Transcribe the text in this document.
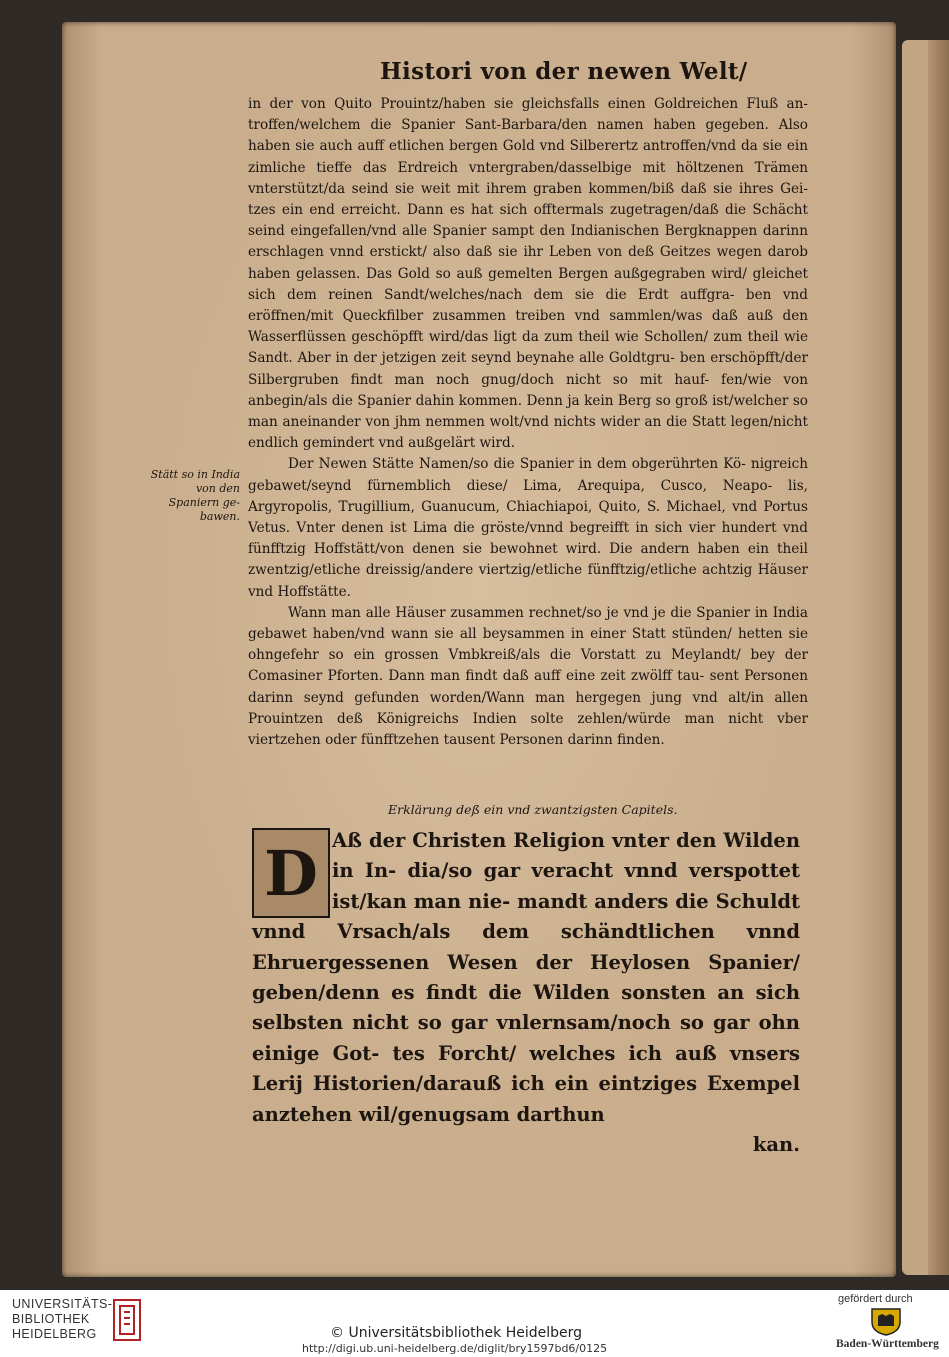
Histori von der newen Welt/

in der von Quito Prouintz/haben sie gleichsfalls einen Goldreichen Fluß an- troffen/welchem die Spanier Sant-Barbara/den namen haben gegeben. Also haben sie auch auff etlichen bergen Gold vnd Silberertz antroffen/vnd da sie ein zimliche tieffe das Erdreich vntergraben/dasselbige mit höltzenen Trämen vnterstützt/da seind sie weit mit ihrem graben kommen/biß daß sie ihres Gei- tzes ein end erreicht. Dann es hat sich offtermals zugetragen/daß die Schächt seind eingefallen/vnd alle Spanier sampt den Indianischen Bergknappen darinn erschlagen vnnd erstickt/ also daß sie ihr Leben von deß Geitzes wegen darob haben gelassen. Das Gold so auß gemelten Bergen außgegraben wird/ gleichet sich dem reinen Sandt/welches/nach dem sie die Erdt auffgra- ben vnd eröffnen/mit Queckfilber zusammen treiben vnd sammlen/was daß auß den Wasserflüssen geschöpfft wird/das ligt da zum theil wie Schollen/ zum theil wie Sandt. Aber in der jetzigen zeit seynd beynahe alle Goldtgru- ben erschöpfft/der Silbergruben findt man noch gnug/doch nicht so mit hauf- fen/wie von anbegin/als die Spanier dahin kommen. Denn ja kein Berg so groß ist/welcher so man aneinander von jhm nemmen wolt/vnd nichts wider an die Statt legen/nicht endlich gemindert vnd außgelärt wird.

Der Newen Stätte Namen/so die Spanier in dem obgerührten Kö- nigreich gebawet/seynd fürnemblich diese/ Lima, Arequipa, Cusco, Neapo- lis, Argyropolis, Trugillium, Guanucum, Chiachiapoi, Quito, S. Michael, vnd Portus Vetus. Vnter denen ist Lima die gröste/vnnd begreifft in sich vier hundert vnd fünfftzig Hoffstätt/von denen sie bewohnet wird. Die andern haben ein theil zwentzig/etliche dreissig/andere viertzig/etliche fünfftzig/etliche achtzig Häuser vnd Hoffstätte.

Wann man alle Häuser zusammen rechnet/so je vnd je die Spanier in India gebawet haben/vnd wann sie all beysammen in einer Statt stünden/ hetten sie ohngefehr so ein grossen Vmbkreiß/als die Vorstatt zu Meylandt/ bey der Comasiner Pforten. Dann man findt daß auff eine zeit zwölff tau- sent Personen darinn seynd gefunden worden/Wann man hergegen jung vnd alt/in allen Prouintzen deß Königreichs Indien solte zehlen/würde man nicht vber viertzehen oder fünfftzehen tausent Personen darinn finden.

Stätt so in India von den Spaniern ge- bawen.
Erklärung deß ein vnd zwantzigsten Capitels.
Aß der Christen Religion vnter den Wilden in In- dia/so gar veracht vnnd verspottet ist/kan man nie- mandt anders die Schuldt vnnd Vrsach/als dem schändtlichen vnnd Ehruergessenen Wesen der Heylosen Spanier/ geben/denn es findt die Wilden sonsten an sich selbsten nicht so gar vnlernsam/noch so gar ohn einige Got- tes Forcht/ welches ich auß vnsers Lerij Historien/darauß ich ein eintziges Exempel anztehen wil/genugsam darthun
kan.
D
UNIVERSITÄTS-
BIBLIOTHEK
HEIDELBERG	© Universitätsbibliothek Heidelberg
http://digi.ub.uni-heidelberg.de/diglit/bry1597bd6/0125
gefördert durch
Baden-Württemberg
